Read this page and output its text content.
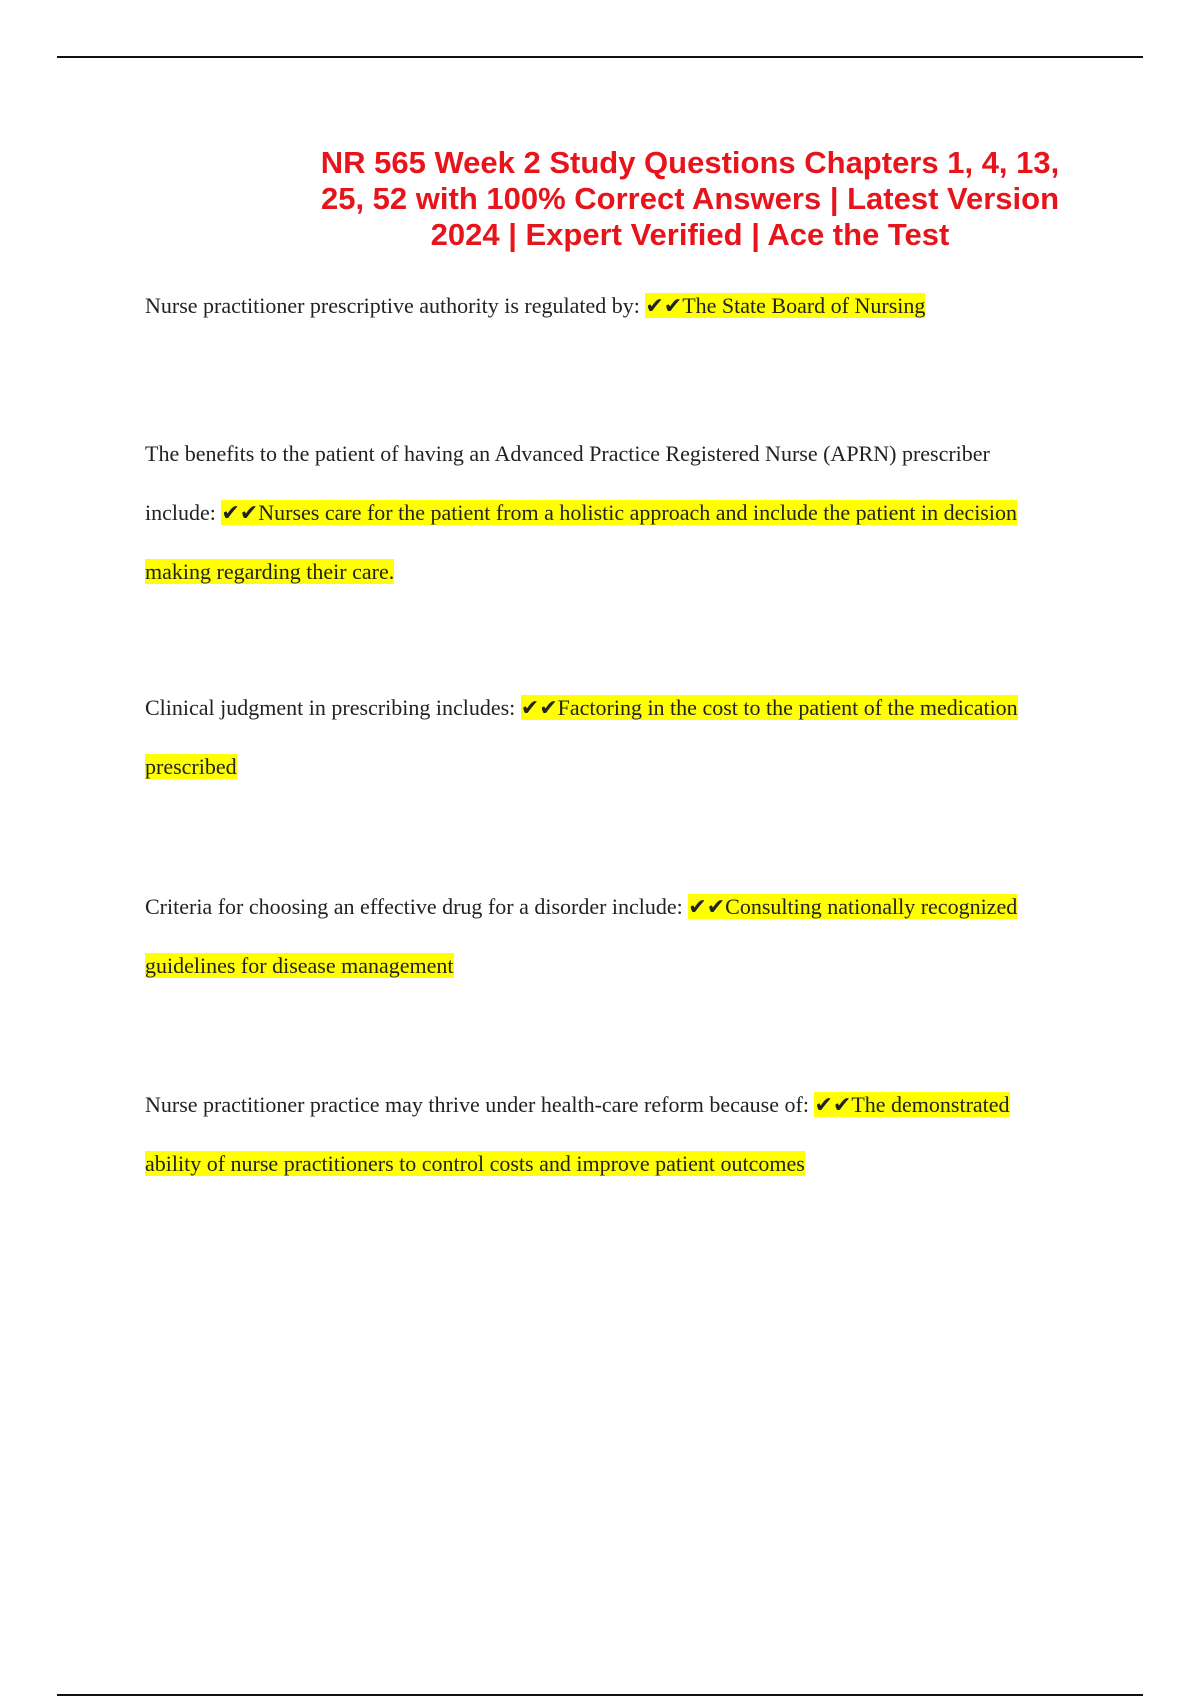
NR 565 Week 2 Study Questions Chapters 1, 4, 13, 25, 52 with 100% Correct Answers | Latest Version 2024 | Expert Verified | Ace the Test

Nurse practitioner prescriptive authority is regulated by: ✔✔The State Board of Nursing

The benefits to the patient of having an Advanced Practice Registered Nurse (APRN) prescriber include: ✔✔Nurses care for the patient from a holistic approach and include the patient in decision making regarding their care.

Clinical judgment in prescribing includes: ✔✔Factoring in the cost to the patient of the medication prescribed

Criteria for choosing an effective drug for a disorder include: ✔✔Consulting nationally recognized guidelines for disease management

Nurse practitioner practice may thrive under health-care reform because of: ✔✔The demonstrated ability of nurse practitioners to control costs and improve patient outcomes
